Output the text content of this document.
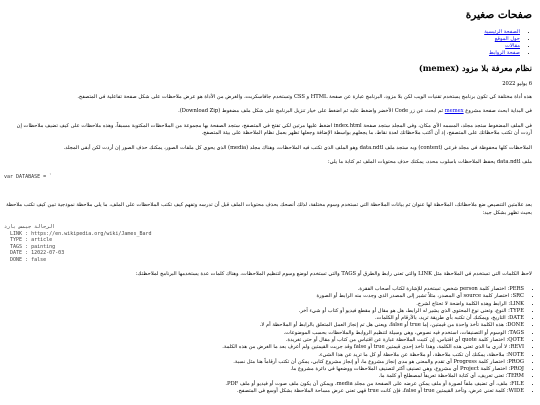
صفحات صغيرة
• الصفحة الرئيسية
• حول الموقع
• مقالات
• صفحة الروابط
نظام معرفة بلا مزود (memex)

6 يوليو 2022

هذه أداة مختلفة كي تكون برنامج يستخدم تقنيات الويب لكن بلا مزود، البرنامج عبارة عن صفحة HTML و CSS وتستخدم جافاسكربت، والغرض من الأداة هو عرض ملاحظات على شكل صفحة تفاعلية في المتصفح.

في البداية ابحث صفحة مشروع memex ثم ابحث عن زر Code الأخضر واضغط عليه ثم اضغط على خيار تنزيل البرنامج على شكل ملف مضغوط (Download Zip).

في الملف المضغوط ستجد مجلد، المسمه الأي مكان، وفي المجلد ستجد صفحة index.html اضغط عليها مرتين لكي تفتح في المتصفح، ستجد الصفحة بها مجموعة من الملاحظات المكتوبة مسبقاً، وهذه ملاحظات على كيف تضيف ملاحظات إن أردت أن تكتب ملاحظاتك على المتصفح، إذ أن أكتب ملاحظاتك لعدة نقاط، ما يجعلهم بواسطة الإضافة وجعلها تظهر بعمل نظام الملاحظة على بيئة المتصفح.

الملاحظات كلها محفوظة في مجلد فرعي (content) وبه ستجد ملف data.ndtl وهو الملف الذي تكتب فيه الملاحظات، وهناك مجلد (media) الذي يحوي كل ملفات الصور، يمكنك حذف الصور إن أردت لكن أبقي المجلد.

ملف data.ndtl يحفظ الملاحظات باسلوب محدد، يمكنك حذف محتويات الملف ثم كتابة ما يلي:

var DATABASE = `

بعد علامتين التنصيص ضع ملاحظاتك، الملاحظة لها عنوان ثم بيانات الملاحظة التي تستخدم وسوم مختلفة، لذلك أنصحك بحذف محتويات الملف قبل أن تدرسه وتفهم كيف تكتب الملاحظات على الملف، ما يلي ملاحظة نموذجية تبين كيف تكتب ملاحظة بحيث تظهر بشكل جيد:

الرحالة جيمس بارد
LINK : https://en.wikipedia.org/wiki/James_Bard
TYPE : article
TAGS : painting
DATE : 12022-07-03
DONE : false

لاحظ الكلمات التي تستخدم في الملاحظة مثل LINK والتي تعني رابط والطرق أو TAGS والتي تستخدم لوضع وسوم لتنظيم الملاحظات، وهناك كلمات عدة يستخدمها البرنامج لملاحظتك:

• PERS: اختصار كلمة person شخص، تستخدم للإشارة لكتاب أصحاب الفقرة.
• SRC: اختصار كلمة source أي المصدر، مثلاً تشير إلى المصدر الذي وجدت منه الرابط أو الصورة
• LINK: الرابط وهذه الكلمة واضحة لا تحتاج لشرح.
• TYPE: النوع، وتعني نوع المحتوى الذي يشير له الرابط، هل هو مقال أو مقطع فيديو أو كتاب أو شيء آخر.
• DATE: التاريخ، ويمكنك أن تكتبه بأي طريقة تريد، بالأرقام أو الكلمات.
• DONE: هذه الكلمة تأخذ واحدة من قيمتين، إما true أو false، ويعني هل تم إنجاز العمل المتعلق بالرابط أو الملاحظة أم لا.
• TAGS: الوسوم أو التصنيفات، استخدم فيه نصوص، وهي وسيلة لتنظيم الروابط والملاحظات بحسب الموضوعات.
• QOTE: اختصار كلمة quote أي اقتباس، إن كتبت الملاحظة عبارة عن اقتباس من كتاب أو مقال أو حتى تغريدة.
• REVI: لا أدري ما الذي تعني هذه الكلمة، وهذا تأخذ إحدى قيمتين true أو false وقد جربت القيمتين ولم أعرف بعد ما الغرض من هذه الكلمة.
• NOTE: ملاحظة، يمكنك أن تكتب ملاحظة، أو ملاحظة عن ملاحظة أو كل ما تريد عن هذا الشيء.
• PROG: اختصار كلمة Progress أي تقدم والمعنى هو مدى إنجاز مشروع ما، أو إنجاز مشروع كتابي، يمكن أن تكتب أرقاماً هنا مثل نسبة.
• PROJ: اختصار كلمة Project أي مشروع، وهي تصنيف أكثر لتصنيف الملاحظات ووضعها في دائرة مشروع ما.
• TERM: تعني تعريف، أي كتابة الملاحظة تعريفاً لمصطلح أو كلمة ما.
• FILE: ملف، أي تضيف ملفاً لصورة أو ملف يمكن عرضه على الصفحة من مجلد media، ويمكن أن يكون ملف صوت أو فيديو أو ملف PDF.
• WIDE: كلمة تعني عرض، وتأخذ القيمتين true أو false، فإن كانت true فهي تعني عرض مساحة الملاحظة بشكل أوسع في المتصفح.
